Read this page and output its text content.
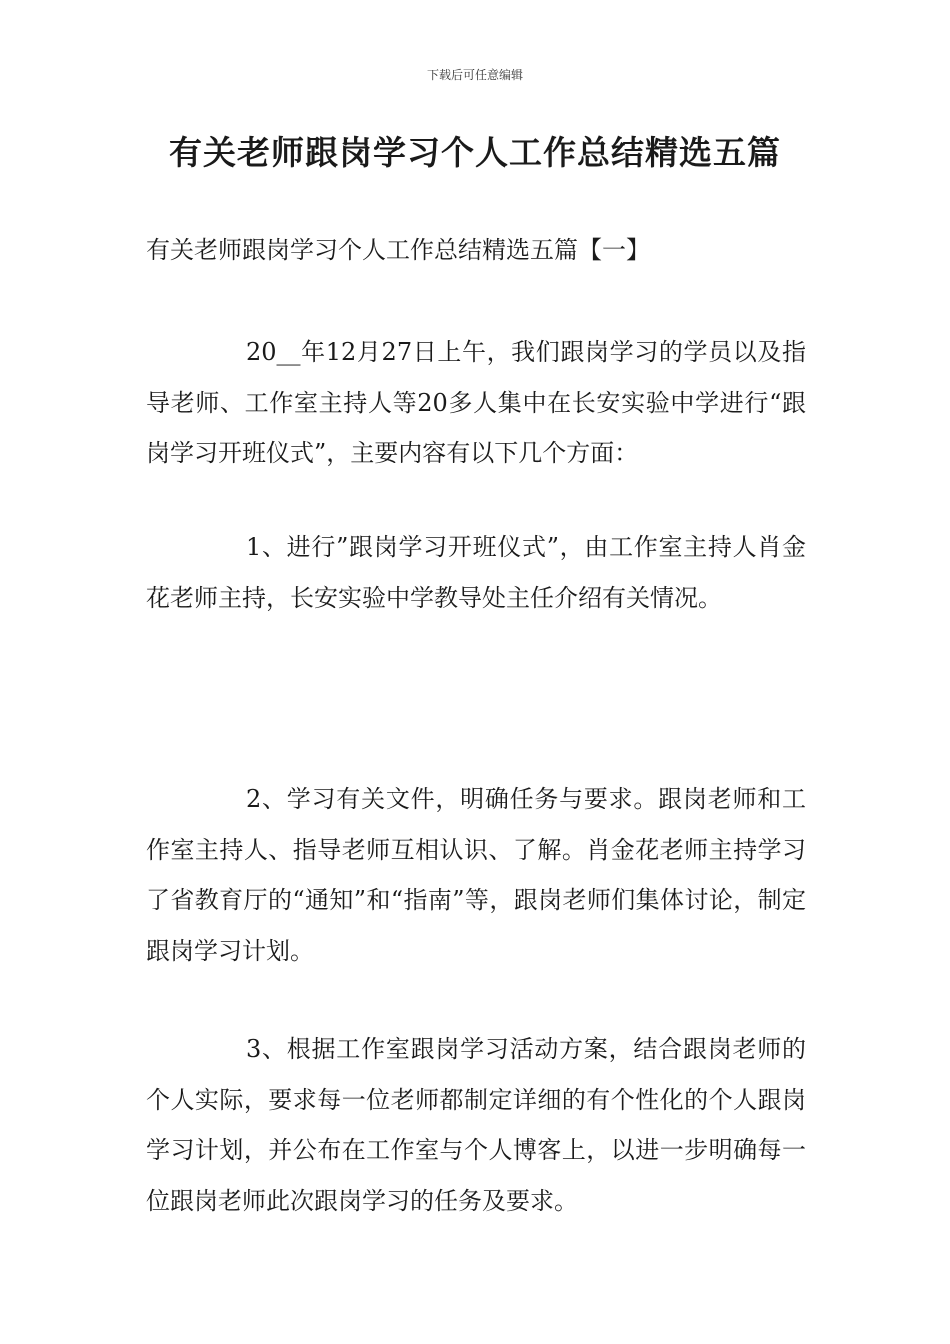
下载后可任意编辑
有关老师跟岗学习个人工作总结精选五篇
有关老师跟岗学习个人工作总结精选五篇【一】

20__年12月27日上午，我们跟岗学习的学员以及指导老师、工作室主持人等20多人集中在长安实验中学进行“跟岗学习开班仪式”，主要内容有以下几个方面：

1、进行”跟岗学习开班仪式”，由工作室主持人肖金花老师主持，长安实验中学教导处主任介绍有关情况。

2、学习有关文件，明确任务与要求。跟岗老师和工作室主持人、指导老师互相认识、了解。肖金花老师主持学习了省教育厅的“通知”和“指南”等，跟岗老师们集体讨论，制定跟岗学习计划。

3、根据工作室跟岗学习活动方案，结合跟岗老师的个人实际，要求每一位老师都制定详细的有个性化的个人跟岗学习计划，并公布在工作室与个人博客上，以进一步明确每一位跟岗老师此次跟岗学习的任务及要求。
